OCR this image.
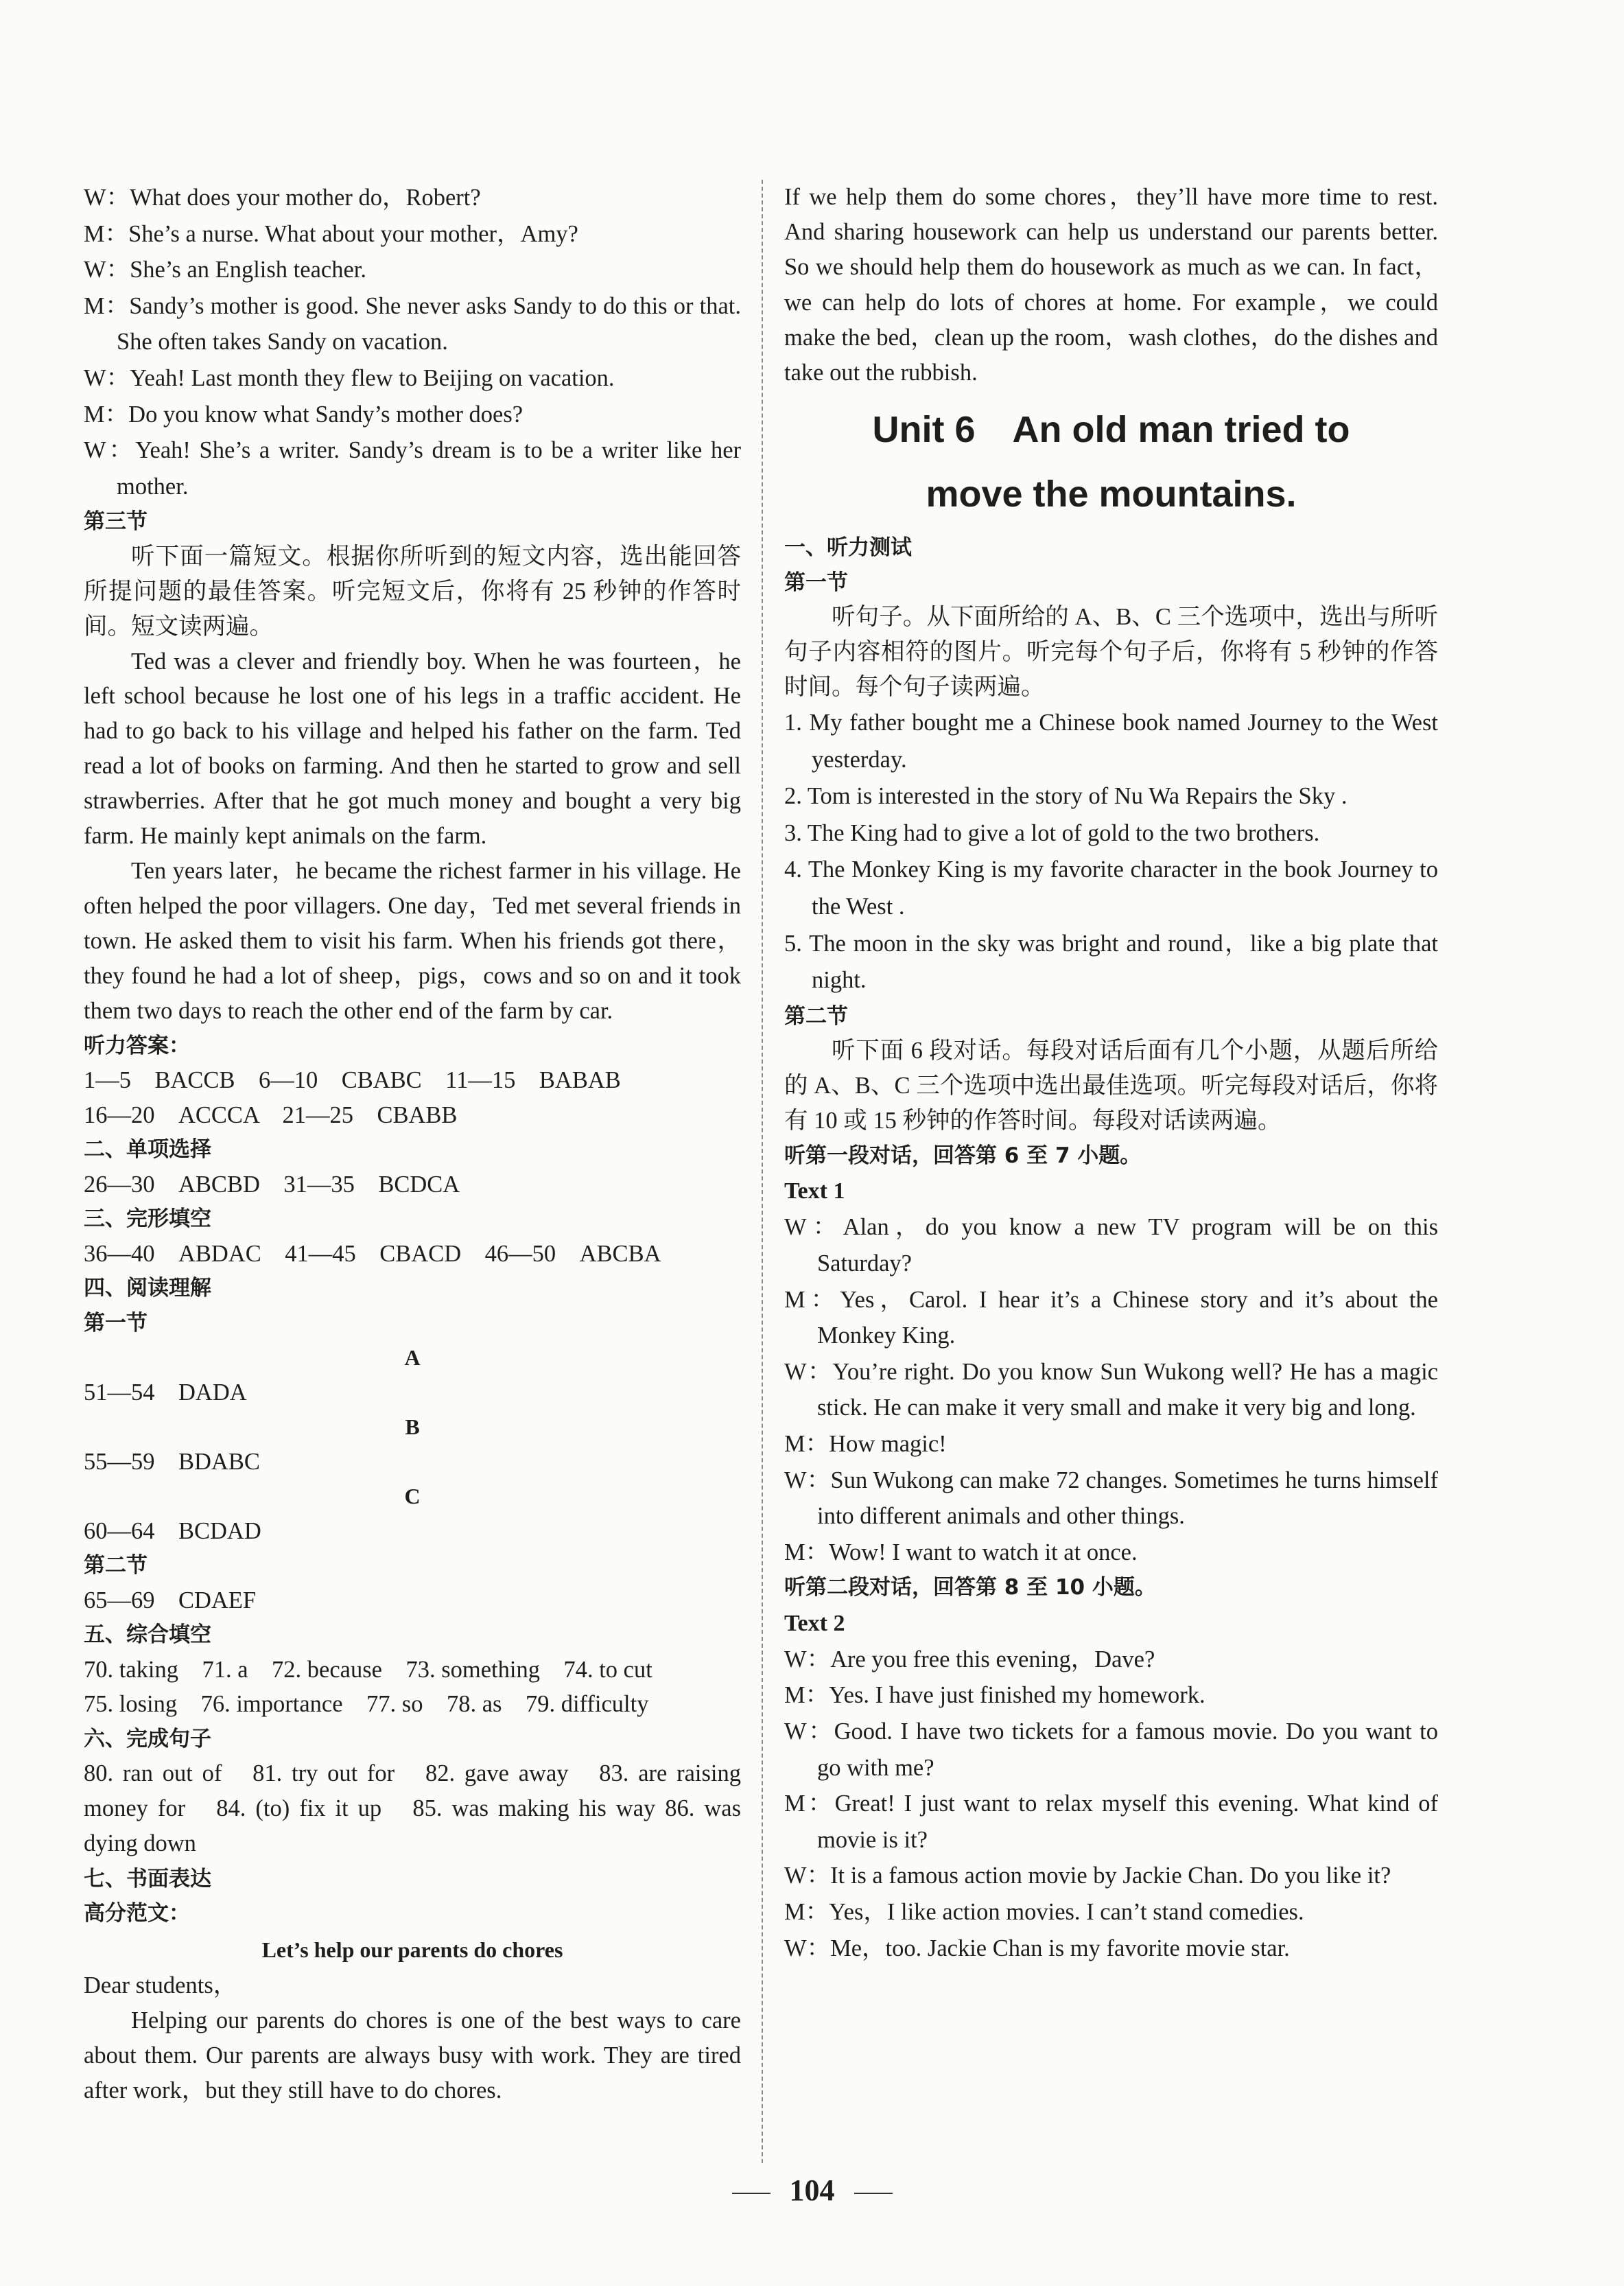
W：What does your mother do，Robert?

M：She’s a nurse. What about your mother，Amy?

W：She’s an English teacher.

M：Sandy’s mother is good. She never asks Sandy to do this or that. She often takes Sandy on vacation.

W：Yeah! Last month they flew to Beijing on vacation.

M：Do you know what Sandy’s mother does?

W：Yeah! She’s a writer. Sandy’s dream is to be a writer like her mother.

第三节

听下面一篇短文。根据你所听到的短文内容，选出能回答所提问题的最佳答案。听完短文后，你将有 25 秒钟的作答时间。短文读两遍。

Ted was a clever and friendly boy. When he was fourteen，he left school because he lost one of his legs in a traffic accident. He had to go back to his village and helped his father on the farm. Ted read a lot of books on farming. And then he started to grow and sell strawberries. After that he got much money and bought a very big farm. He mainly kept animals on the farm.

Ten years later，he became the richest farmer in his village. He often helped the poor villagers. One day，Ted met several friends in town. He asked them to visit his farm. When his friends got there，they found he had a lot of sheep，pigs，cows and so on and it took them two days to reach the other end of the farm by car.

听力答案：

1—5　BACCB　6—10　CBABC　11—15　BABAB

16—20　ACCCA　21—25　CBABB

二、单项选择

26—30　ABCBD　31—35　BCDCA

三、完形填空

36—40　ABDAC　41—45　CBACD　46—50　ABCBA

四、阅读理解

第一节

A

51—54　DADA

B

55—59　BDABC

C

60—64　BCDAD

第二节

65—69　CDAEF

五、综合填空

70. taking　71. a　72. because　73. something　74. to cut

75. losing　76. importance　77. so　78. as　79. difficulty

六、完成句子

80. ran out of　81. try out for　82. gave away　83. are raising money for　84. (to) fix it up　85. was making his way 86. was dying down

七、书面表达

高分范文：

Let’s help our parents do chores

Dear students，

Helping our parents do chores is one of the best ways to care about them. Our parents are always busy with work. They are tired after work，but they still have to do chores.

If we help them do some chores，they’ll have more time to rest. And sharing housework can help us understand our parents better. So we should help them do housework as much as we can. In fact，we can help do lots of chores at home. For example，we could make the bed，clean up the room，wash clothes，do the dishes and take out the rubbish.

Unit 6　An old man tried to
move the mountains.

一、听力测试

第一节

听句子。从下面所给的 A、B、C 三个选项中，选出与所听句子内容相符的图片。听完每个句子后，你将有 5 秒钟的作答时间。每个句子读两遍。

1. My father bought me a Chinese book named Journey to the West yesterday.

2. Tom is interested in the story of Nu Wa Repairs the Sky .

3. The King had to give a lot of gold to the two brothers.

4. The Monkey King is my favorite character in the book Journey to the West .

5. The moon in the sky was bright and round，like a big plate that night.

第二节

听下面 6 段对话。每段对话后面有几个小题，从题后所给的 A、B、C 三个选项中选出最佳选项。听完每段对话后，你将有 10 或 15 秒钟的作答时间。每段对话读两遍。

听第一段对话，回答第 6 至 7 小题。

Text 1

W：Alan，do you know a new TV program will be on this Saturday?

M：Yes，Carol. I hear it’s a Chinese story and it’s about the Monkey King.

W：You’re right. Do you know Sun Wukong well? He has a magic stick. He can make it very small and make it very big and long.

M：How magic!

W：Sun Wukong can make 72 changes. Sometimes he turns himself into different animals and other things.

M：Wow! I want to watch it at once.

听第二段对话，回答第 8 至 10 小题。

Text 2

W：Are you free this evening，Dave?

M：Yes. I have just finished my homework.

W：Good. I have two tickets for a famous movie. Do you want to go with me?

M：Great! I just want to relax myself this evening. What kind of movie is it?

W：It is a famous action movie by Jackie Chan. Do you like it?

M：Yes，I like action movies. I can’t stand comedies.

W：Me，too. Jackie Chan is my favorite movie star.

104
